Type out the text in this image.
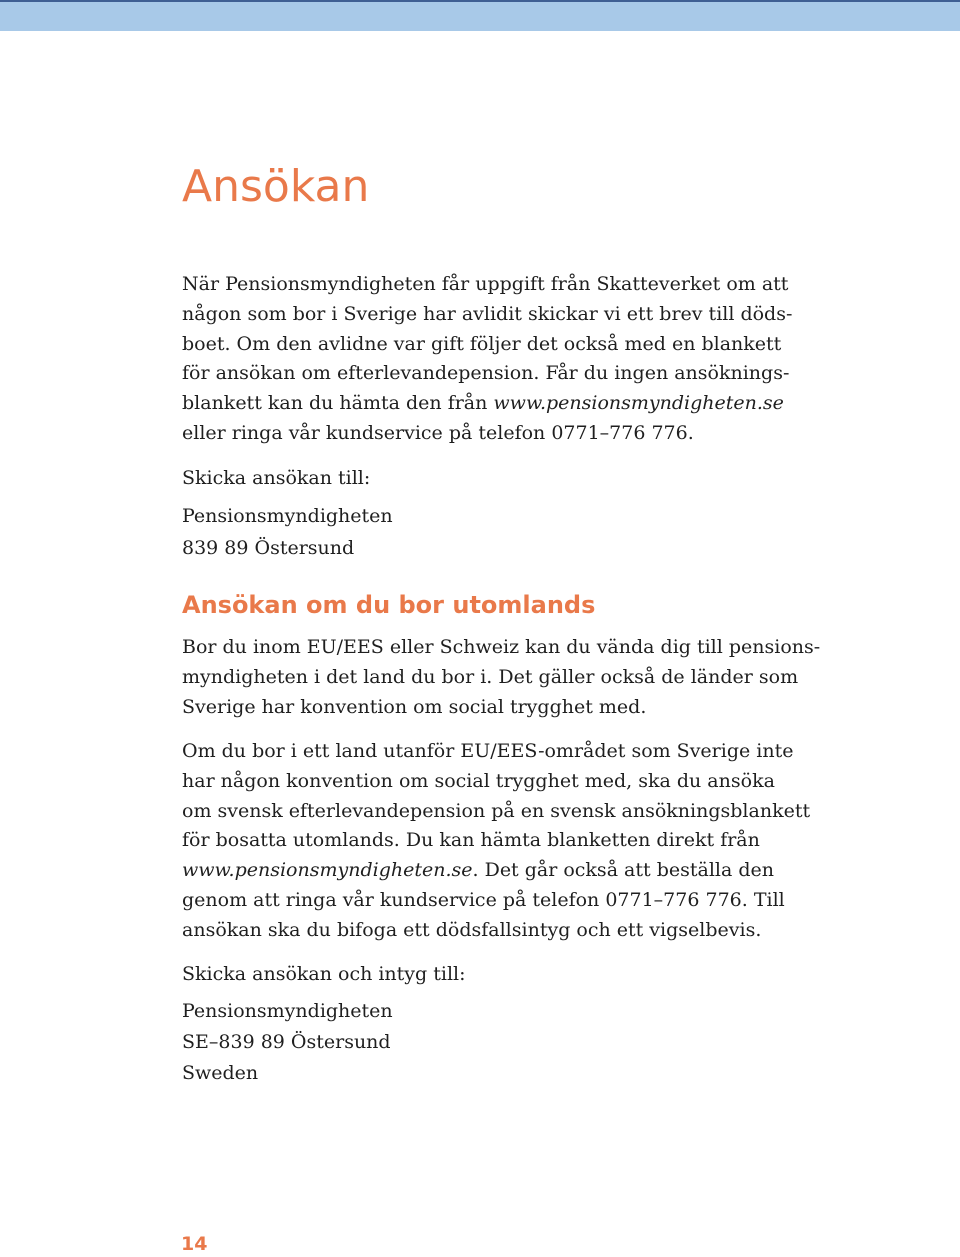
Ansökan

När Pensionsmyndigheten får uppgift från Skatteverket om att
någon som bor i Sverige har avlidit skickar vi ett brev till döds-
boet. Om den avlidne var gift följer det också med en blankett
för ansökan om efterlevandepension. Får du ingen ansöknings-
blankett kan du hämta den från www.pensionsmyndigheten.se
eller ringa vår kundservice på telefon 0771–776 776.

Skicka ansökan till:

Pensionsmyndigheten
839 89 Östersund

Ansökan om du bor utomlands

Bor du inom EU/EES eller Schweiz kan du vända dig till pensions-
myndigheten i det land du bor i. Det gäller också de länder som
Sverige har konvention om social trygghet med.

Om du bor i ett land utanför EU/EES-området som Sverige inte
har någon konvention om social trygghet med, ska du ansöka
om svensk efterlevandepension på en svensk ansökningsblankett
för bosatta utomlands. Du kan hämta blanketten direkt från
www.pensionsmyndigheten.se. Det går också att beställa den
genom att ringa vår kundservice på telefon 0771–776 776. Till
ansökan ska du bifoga ett dödsfallsintyg och ett vigselbevis.

Skicka ansökan och intyg till:

Pensionsmyndigheten
SE–839 89 Östersund
Sweden

14
